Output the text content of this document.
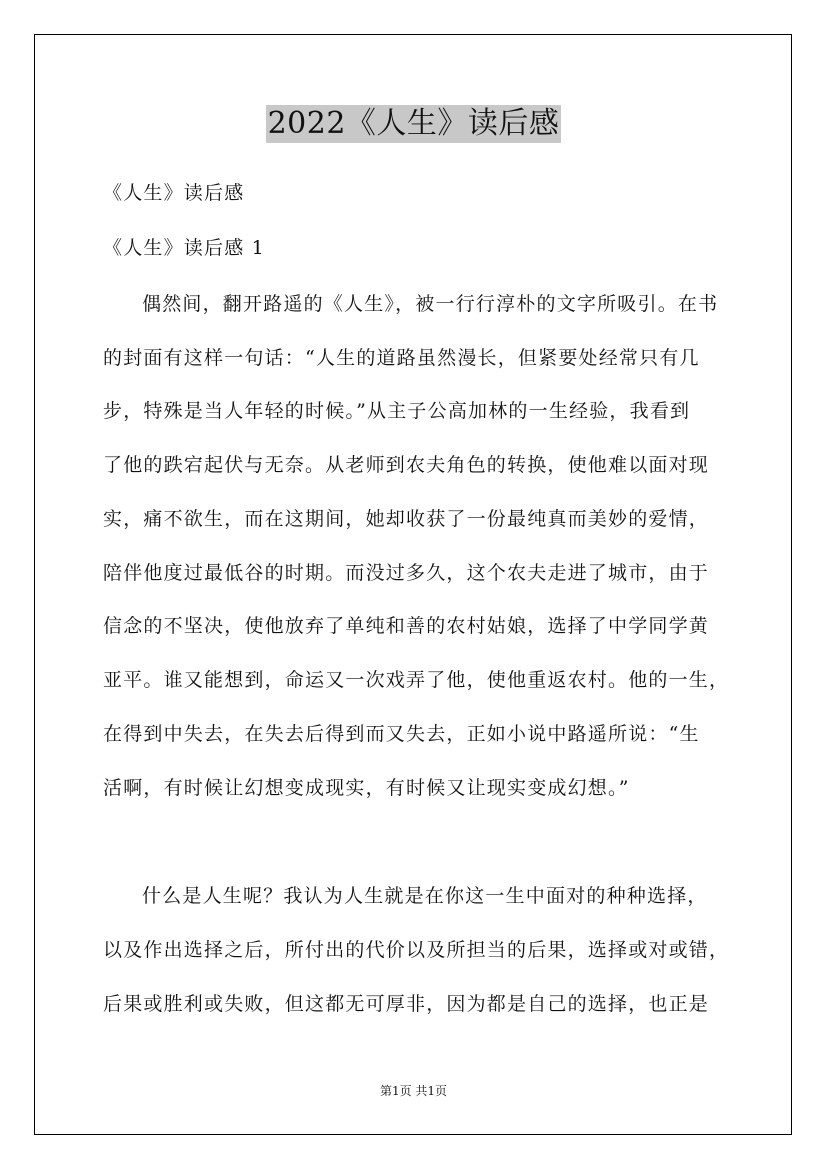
2022《人生》读后感
《人生》读后感
《人生》读后感 1
偶然间，翻开路遥的《人生》，被一行行淳朴的文字所吸引。在书
的封面有这样一句话：“人生的道路虽然漫长，但紧要处经常只有几
步，特殊是当人年轻的时候。”从主子公高加林的一生经验，我看到
了他的跌宕起伏与无奈。从老师到农夫角色的转换，使他难以面对现
实，痛不欲生，而在这期间，她却收获了一份最纯真而美妙的爱情，
陪伴他度过最低谷的时期。而没过多久，这个农夫走进了城市，由于
信念的不坚决，使他放弃了单纯和善的农村姑娘，选择了中学同学黄
亚平。谁又能想到，命运又一次戏弄了他，使他重返农村。他的一生，
在得到中失去，在失去后得到而又失去，正如小说中路遥所说：“生
活啊，有时候让幻想变成现实，有时候又让现实变成幻想。”
什么是人生呢？我认为人生就是在你这一生中面对的种种选择，
以及作出选择之后，所付出的代价以及所担当的后果，选择或对或错，
后果或胜利或失败，但这都无可厚非，因为都是自己的选择，也正是
第1页 共1页
